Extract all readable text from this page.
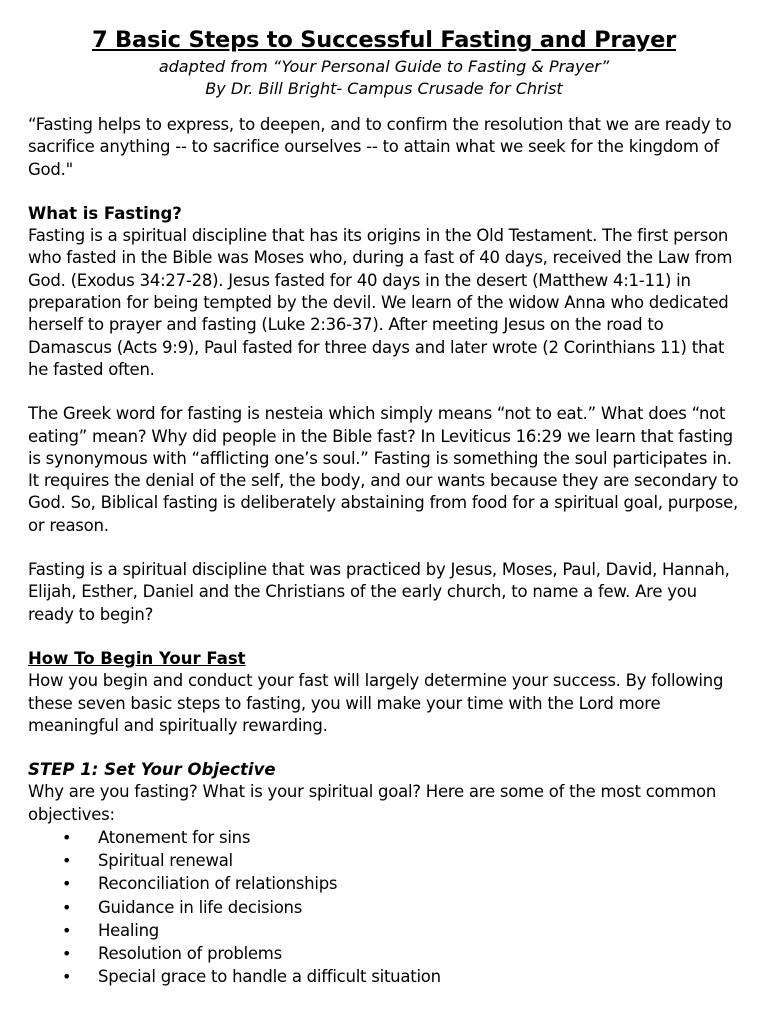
7 Basic Steps to Successful Fasting and Prayer

adapted from “Your Personal Guide to Fasting & Prayer”

By Dr. Bill Bright- Campus Crusade for Christ

“Fasting helps to express, to deepen, and to confirm the resolution that we are ready to sacrifice anything -- to sacrifice ourselves -- to attain what we seek for the kingdom of God."

What is Fasting?

Fasting is a spiritual discipline that has its origins in the Old Testament. The first person who fasted in the Bible was Moses who, during a fast of 40 days, received the Law from God. (Exodus 34:27-28). Jesus fasted for 40 days in the desert (Matthew 4:1-11) in preparation for being tempted by the devil. We learn of the widow Anna who dedicated herself to prayer and fasting (Luke 2:36-37). After meeting Jesus on the road to Damascus (Acts 9:9), Paul fasted for three days and later wrote (2 Corinthians 11) that he fasted often.

The Greek word for fasting is nesteia which simply means “not to eat.” What does “not eating” mean? Why did people in the Bible fast? In Leviticus 16:29 we learn that fasting is synonymous with “afflicting one’s soul.” Fasting is something the soul participates in. It requires the denial of the self, the body, and our wants because they are secondary to God. So, Biblical fasting is deliberately abstaining from food for a spiritual goal, purpose, or reason.

Fasting is a spiritual discipline that was practiced by Jesus, Moses, Paul, David, Hannah, Elijah, Esther, Daniel and the Christians of the early church, to name a few. Are you ready to begin?

How To Begin Your Fast

How you begin and conduct your fast will largely determine your success. By following these seven basic steps to fasting, you will make your time with the Lord more meaningful and spiritually rewarding.

STEP 1: Set Your Objective

Why are you fasting? What is your spiritual goal? Here are some of the most common objectives:

• Atonement for sins
• Spiritual renewal
• Reconciliation of relationships
• Guidance in life decisions
• Healing
• Resolution of problems
• Special grace to handle a difficult situation
